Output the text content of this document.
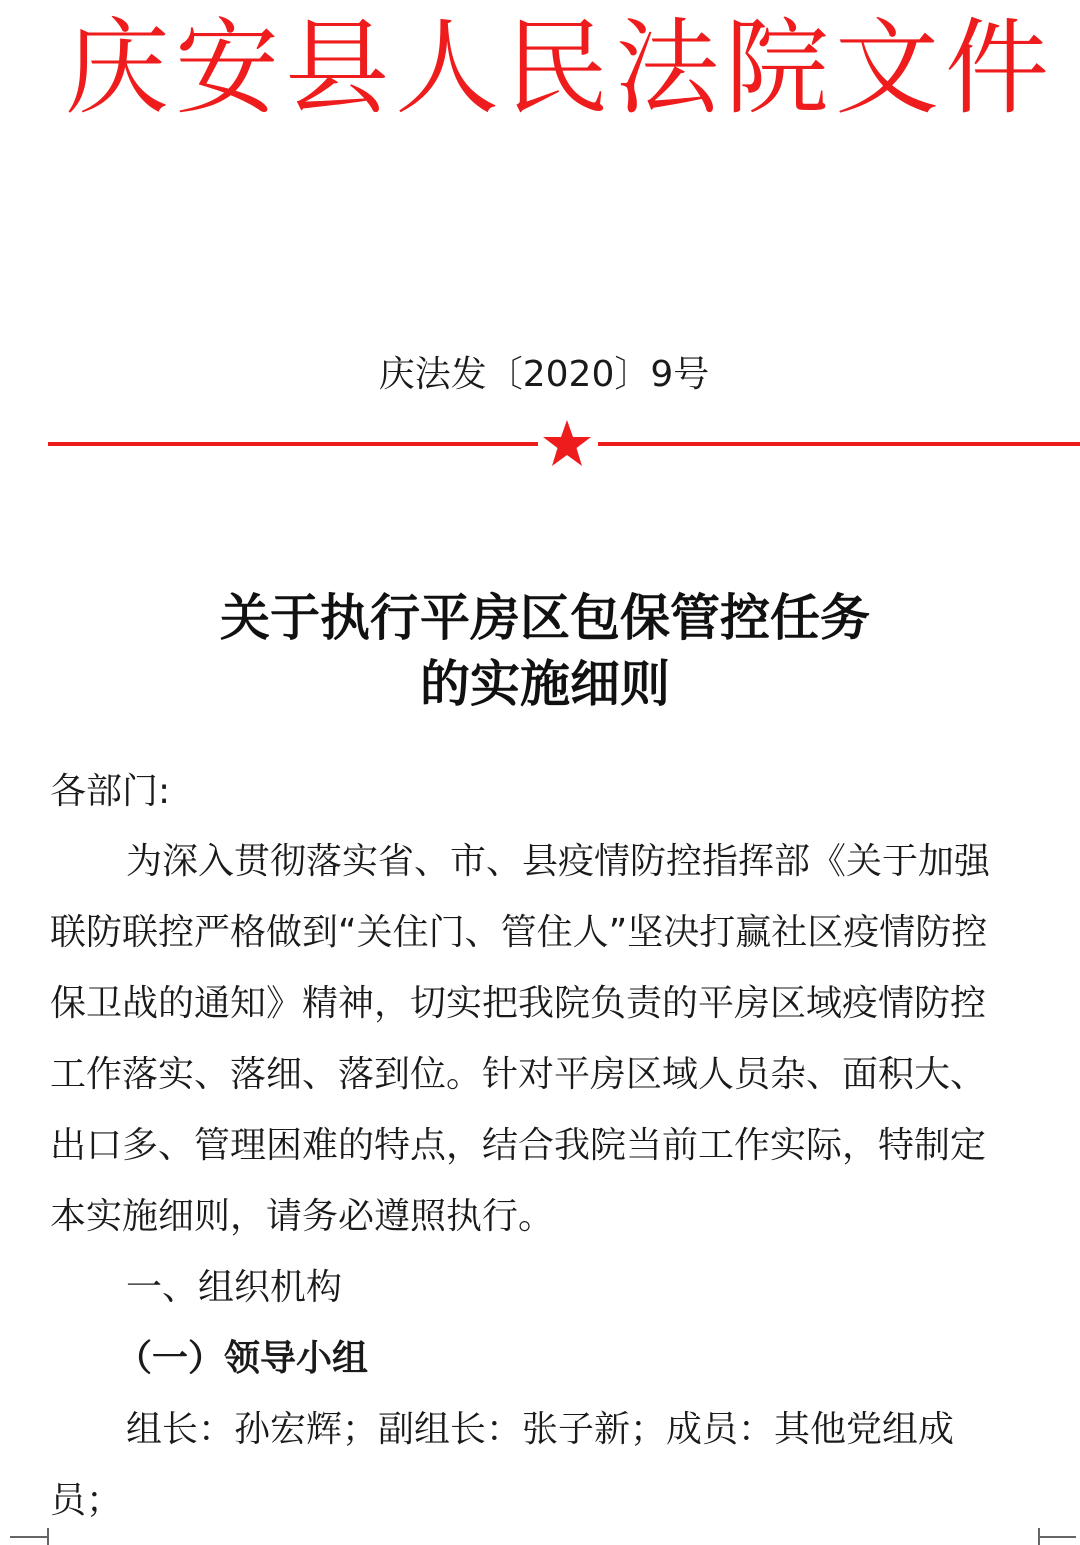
庆安县人民法院文件
庆法发〔2020〕9号
关于执行平房区包保管控任务
的实施细则
各部门:
为深入贯彻落实省、市、县疫情防控指挥部《关于加强
联防联控严格做到“关住门、管住人”坚决打赢社区疫情防控
保卫战的通知》精神，切实把我院负责的平房区域疫情防控
工作落实、落细、落到位。针对平房区域人员杂、面积大、
出口多、管理困难的特点，结合我院当前工作实际，特制定
本实施细则，请务必遵照执行。
一、组织机构
（一）领导小组
组长：孙宏辉；副组长：张子新；成员：其他党组成
员；
